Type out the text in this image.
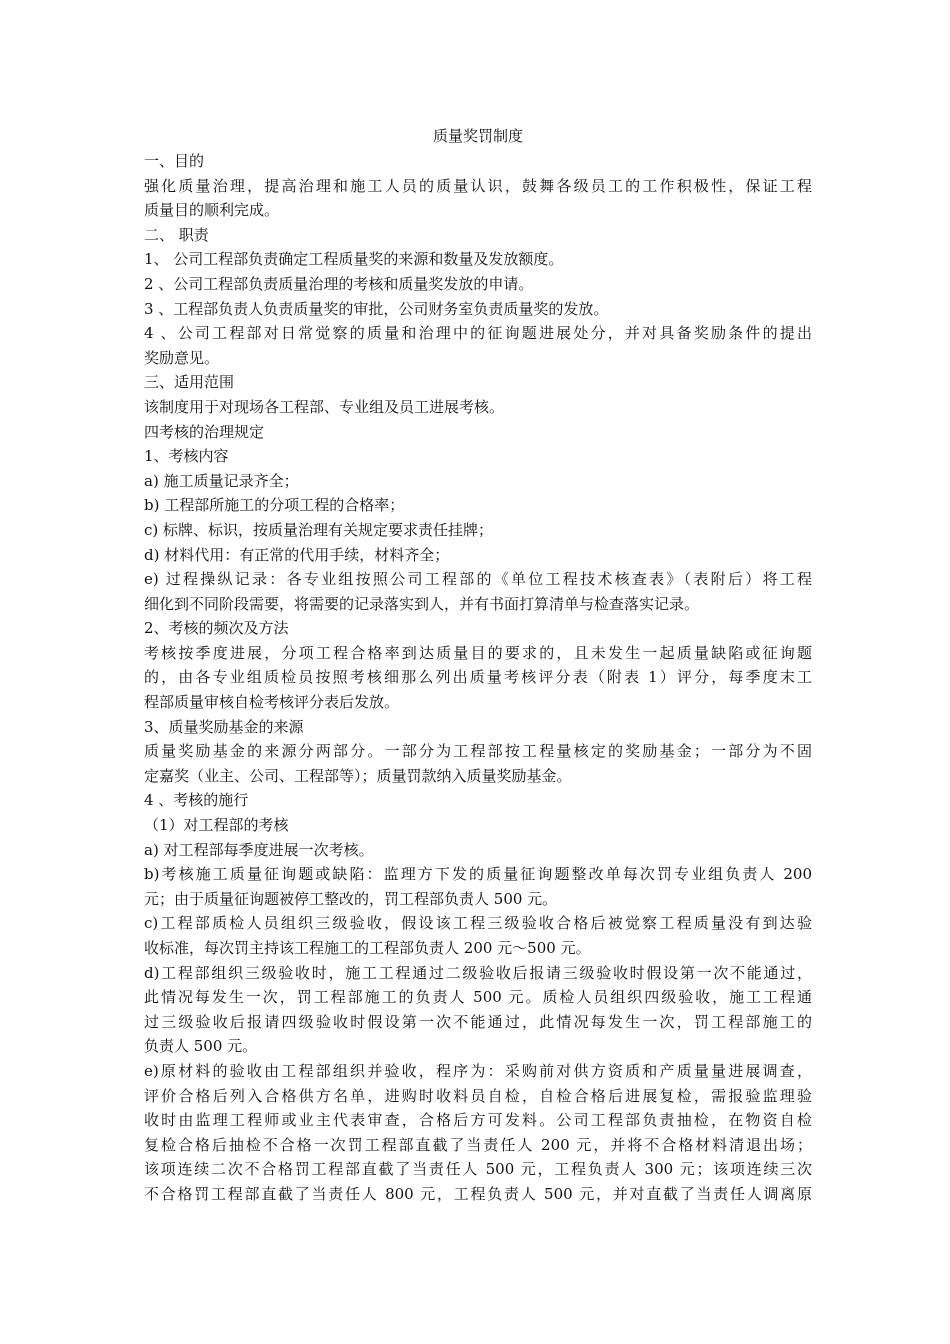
质量奖罚制度
一、目的
强化质量治理，提高治理和施工人员的质量认识，鼓舞各级员工的工作积极性，保证工程
质量目的顺利完成。
二、 职责
1、 公司工程部负责确定工程质量奖的来源和数量及发放额度。
2 、公司工程部负责质量治理的考核和质量奖发放的申请。
3 、工程部负责人负责质量奖的审批，公司财务室负责质量奖的发放。
4 、公司工程部对日常觉察的质量和治理中的征询题进展处分，并对具备奖励条件的提出
奖励意见。
三、适用范围
该制度用于对现场各工程部、专业组及员工进展考核。
四考核的治理规定
1、考核内容
a) 施工质量记录齐全；
b) 工程部所施工的分项工程的合格率；
c) 标牌、标识，按质量治理有关规定要求责任挂牌；
d) 材料代用：有正常的代用手续，材料齐全；
e) 过程操纵记录：各专业组按照公司工程部的《单位工程技术核查表》（表附后）将工程
细化到不同阶段需要，将需要的记录落实到人，并有书面打算清单与检查落实记录。
2、考核的频次及方法
考核按季度进展，分项工程合格率到达质量目的要求的，且未发生一起质量缺陷或征询题
的，由各专业组质检员按照考核细那么列出质量考核评分表（附表 1）评分，每季度末工
程部质量审核自检考核评分表后发放。
3、质量奖励基金的来源
质量奖励基金的来源分两部分。一部分为工程部按工程量核定的奖励基金；一部分为不固
定嘉奖（业主、公司、工程部等）；质量罚款纳入质量奖励基金。
4 、考核的施行
（1）对工程部的考核
a) 对工程部每季度进展一次考核。
b)考核施工质量征询题或缺陷：监理方下发的质量征询题整改单每次罚专业组负责人 200
元；由于质量征询题被停工整改的，罚工程部负责人 500 元。
c)工程部质检人员组织三级验收，假设该工程三级验收合格后被觉察工程质量没有到达验
收标准，每次罚主持该工程施工的工程部负责人 200 元～500 元。
d)工程部组织三级验收时，施工工程通过二级验收后报请三级验收时假设第一次不能通过，
此情况每发生一次，罚工程部施工的负责人 500 元。质检人员组织四级验收，施工工程通
过三级验收后报请四级验收时假设第一次不能通过，此情况每发生一次，罚工程部施工的
负责人 500 元。
e)原材料的验收由工程部组织并验收，程序为：采购前对供方资质和产质量量进展调查，
评价合格后列入合格供方名单，进购时收料员自检，自检合格后进展复检，需报验监理验
收时由监理工程师或业主代表审查，合格后方可发料。公司工程部负责抽检，在物资自检
复检合格后抽检不合格一次罚工程部直截了当责任人 200 元，并将不合格材料清退出场；
该项连续二次不合格罚工程部直截了当责任人 500 元，工程负责人 300 元；该项连续三次
不合格罚工程部直截了当责任人 800 元，工程负责人 500 元，并对直截了当责任人调离原
